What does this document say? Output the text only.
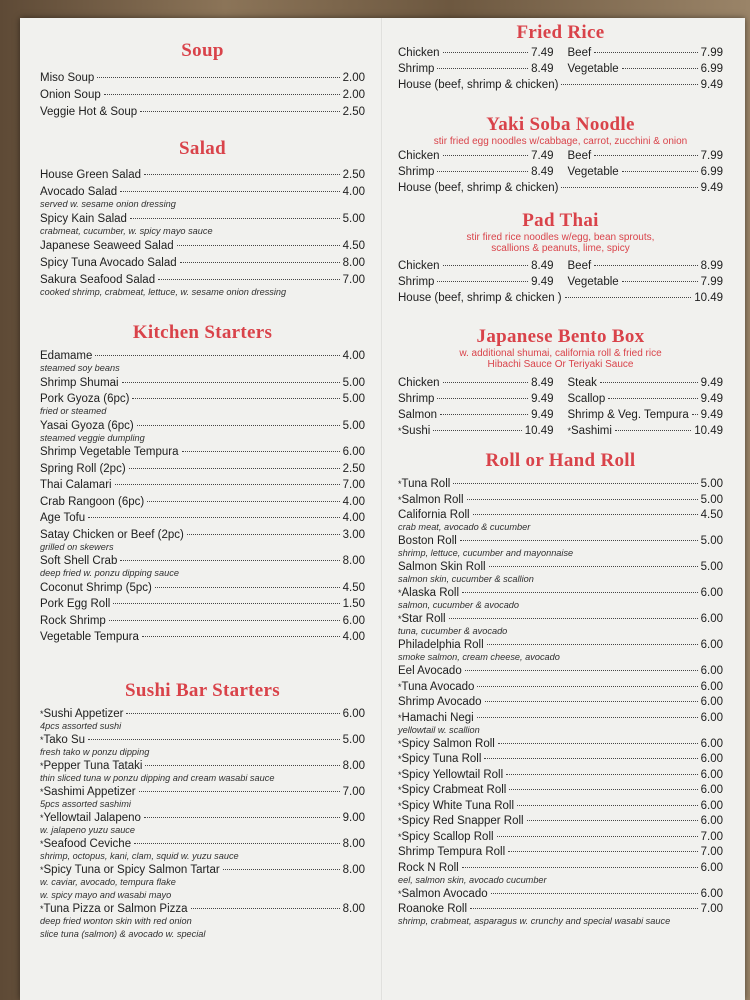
Soup
Miso Soup	2.00
Onion Soup	2.00
Veggie Hot & Soup	2.50
Salad
House Green Salad	2.50
Avocado Salad	4.00
served w. sesame onion dressing
Spicy Kain Salad	5.00
crabmeat, cucumber, w. spicy mayo sauce
Japanese Seaweed Salad	4.50
Spicy Tuna Avocado Salad	8.00
Sakura Seafood Salad	7.00
cooked shrimp, crabmeat, lettuce, w. sesame onion dressing
Kitchen Starters
Edamame	4.00
steamed soy beans
Shrimp Shumai	5.00
Pork Gyoza (6pc)	5.00
fried or steamed
Yasai Gyoza (6pc)	5.00
steamed veggie dumpling
Shrimp Vegetable Tempura	6.00
Spring Roll (2pc)	2.50
Thai Calamari	7.00
Crab Rangoon (6pc)	4.00
Age Tofu	4.00
Satay Chicken or Beef (2pc)	3.00
grilled on skewers
Soft Shell Crab	8.00
deep fried w. ponzu dipping sauce
Coconut Shrimp (5pc)	4.50
Pork Egg Roll	1.50
Rock Shrimp	6.00
Vegetable Tempura	4.00
Sushi Bar Starters
*Sushi Appetizer	6.00
4pcs assorted sushi
*Tako Su	5.00
fresh tako w ponzu dipping
*Pepper Tuna Tataki	8.00
thin sliced tuna w ponzu dipping and cream wasabi sauce
*Sashimi Appetizer	7.00
5pcs assorted sashimi
*Yellowtail Jalapeno	9.00
w. jalapeno yuzu sauce
*Seafood Ceviche	8.00
shrimp, octopus, kani, clam, squid w. yuzu sauce
*Spicy Tuna or Spicy Salmon Tartar	8.00
w. caviar, avocado, tempura flake
w. spicy mayo and wasabi mayo
*Tuna Pizza or Salmon Pizza	8.00
deep fried wonton skin with red onion
slice tuna (salmon) & avocado w. special
Fried Rice
Chicken	7.49
Shrimp	8.49
Beef	7.99
Vegetable	6.99
House (beef, shrimp & chicken)	9.49
Yaki Soba Noodle
stir fried egg noodles w/cabbage, carrot, zucchini & onion
Chicken	7.49
Shrimp	8.49
Beef	7.99
Vegetable	6.99
House (beef, shrimp & chicken)	9.49
Pad Thai
stir fired rice noodles w/egg, bean sprouts,
scallions & peanuts, lime, spicy
Chicken	8.49
Shrimp	9.49
Beef	8.99
Vegetable	7.99
House (beef, shrimp & chicken )	10.49
Japanese Bento Box
w. additional shumai, california roll & fried rice
Hibachi Sauce Or Teriyaki Sauce
Chicken	8.49
Shrimp	9.49
Salmon	9.49
*Sushi	10.49
Steak	9.49
Scallop	9.49
Shrimp & Veg. Tempura 9.49
*Sashimi	10.49
Roll or Hand Roll
*Tuna Roll	5.00
*Salmon Roll	5.00
California Roll	4.50
crab meat, avocado & cucumber
Boston Roll	5.00
shrimp, lettuce, cucumber and mayonnaise
Salmon Skin Roll	5.00
salmon skin, cucumber & scallion
*Alaska Roll	6.00
salmon, cucumber & avocado
*Star Roll	6.00
tuna, cucumber & avocado
Philadelphia Roll	6.00
smoke salmon, cream cheese, avocado
Eel Avocado	6.00
*Tuna Avocado	6.00
Shrimp Avocado	6.00
*Hamachi Negi	6.00
yellowtail w. scallion
*Spicy Salmon Roll	6.00
*Spicy Tuna Roll	6.00
*Spicy Yellowtail Roll	6.00
*Spicy Crabmeat Roll	6.00
*Spicy White Tuna Roll	6.00
*Spicy Red Snapper Roll	6.00
*Spicy Scallop Roll	7.00
Shrimp Tempura Roll	7.00
Rock N Roll	6.00
eel, salmon skin, avocado cucumber
*Salmon Avocado	6.00
Roanoke Roll	7.00
shrimp, crabmeat, asparagus w. crunchy and special wasabi sauce
